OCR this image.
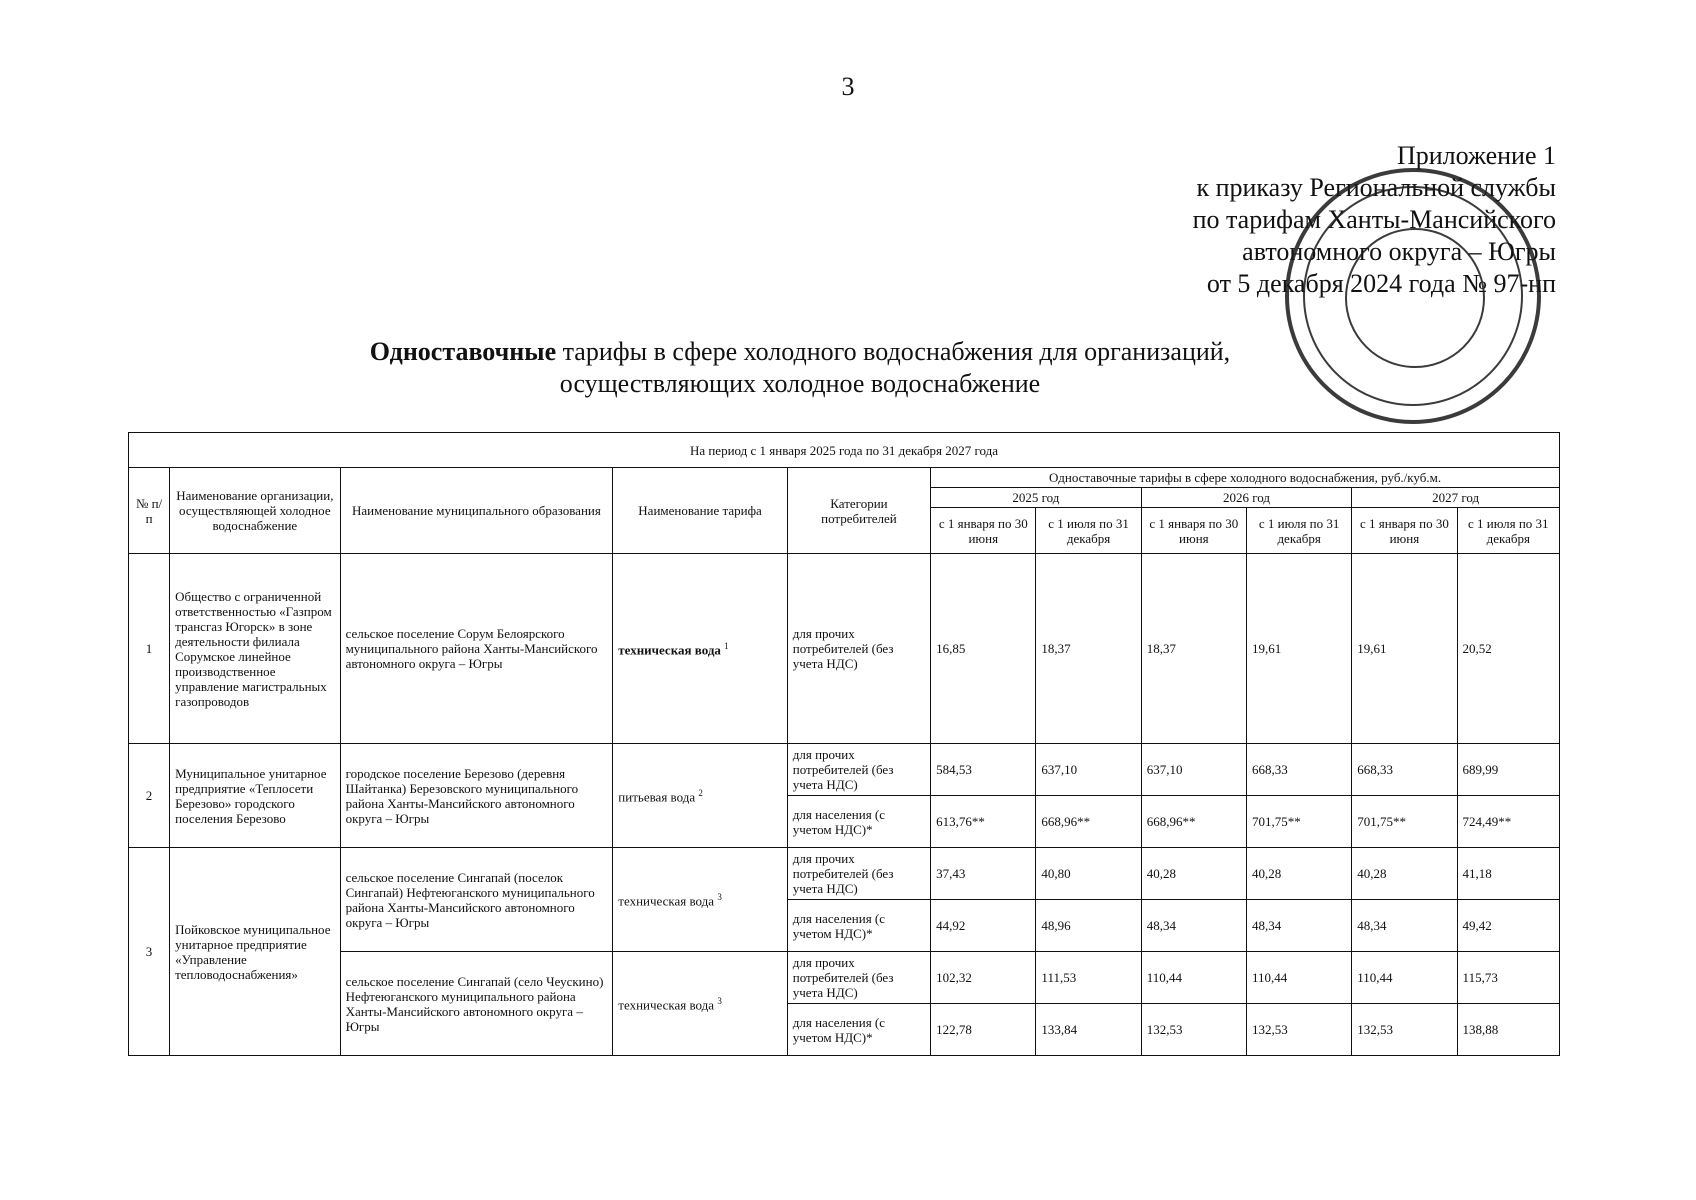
3
Приложение 1
к приказу Региональной службы
по тарифам Ханты-Мансийского
автономного округа – Югры
от 5 декабря 2024 года № 97-нп
Одноставочные тарифы в сфере холодного водоснабжения для организаций,
осуществляющих холодное водоснабжение
На период с 1 января 2025 года по 31 декабря 2027 года										
№ п/п	Наименование организации, осуществляющей холодное водоснабжение	Наименование муниципального образования	Наименование тарифа	Категории потребителей	Одноставочные тарифы в сфере холодного водоснабжения, руб./куб.м.					
					2025 год		2026 год		2027 год	
					с 1 января по 30 июня	с 1 июля по 31 декабря	с 1 января по 30 июня	с 1 июля по 31 декабря	с 1 января по 30 июня	с 1 июля по 31 декабря
1	Общество с ограниченной ответственностью «Газпром трансгаз Югорск» в зоне деятельности филиала Сорумское линейное производственное управление магистральных газопроводов	сельское поселение Сорум Белоярского муниципального района Ханты-Мансийского автономного округа – Югры	техническая вода $^1$	для прочих потребителей (без учета НДС)	16,85	18,37	18,37	19,61	19,61	20,52
2	Муниципальное унитарное предприятие «Теплосети Березово» городского поселения Березово	городское поселение Березово (деревня Шайтанка) Березовского муниципального района Ханты-Мансийского автономного округа – Югры	питьевая вода $^2$	для прочих потребителей (без учета НДС)	584,53	637,10	637,10	668,33	668,33	689,99
				для населения (с учетом НДС)*	613,76**	668,96**	668,96**	701,75**	701,75**	724,49**
3	Пойковское муниципальное унитарное предприятие «Управление тепловодоснабжения»	сельское поселение Сингапай (поселок Сингапай) Нефтеюганского муниципального района Ханты-Мансийского автономного округа – Югры	техническая вода $^3$	для прочих потребителей (без учета НДС)	37,43	40,80	40,28	40,28	40,28	41,18
				для населения (с учетом НДС)*	44,92	48,96	48,34	48,34	48,34	49,42
		сельское поселение Сингапай (село Чеускино) Нефтеюганского муниципального района Ханты-Мансийского автономного округа – Югры	техническая вода $^3$	для прочих потребителей (без учета НДС)	102,32	111,53	110,44	110,44	110,44	115,73
				для населения (с учетом НДС)*	122,78	133,84	132,53	132,53	132,53	138,88
